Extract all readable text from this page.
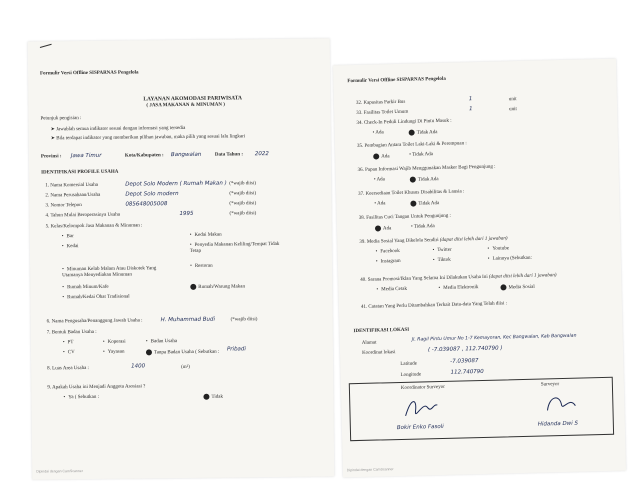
Formulir Versi Offline SISPARNAS Pengelola
LAYANAN AKOMODASI PARIWISATA
( JASA MAKANAN & MINUMAN )
Petunjuk pengisian :
➤ Jawablah semua indikator sesuai dengan informasi yang tersedia
➤ Bila terdapat indikator yang memberikan pilihan jawaban, maka pilih yang sesuai lalu lingkari
Provinsi : Jawa Timur	Kota/Kabupaten : Bangwalan	Data Tahun : 2022
IDENTIFIKASI PROFILE USAHA
1. Nama Komersial Usaha	Depot Solo Modern ( Rumah Makan ) (*wajib diisi)
2. Nama Perusahaan/Usaha	Depot Solo modern	(*wajib diisi)
3. Nomor Telepon	085648005008	(*wajib diisi)
4. Tahun Mulai Beroperasinya Usaha	1995	(*wajib diisi)
5. Kelas/Kelompok Jasa Makanan & Minuman :
• Bar
• Kedai
• Minuman Kelab Malam Atau Diskotek Yang Utamanya Menyediakan Minuman
• Rumah Minum/Kafe
• Rumah/Kedai Obat Tradisional
• Kedai Makan
• Penyedia Makanan Keliling/Tempat Tidak Tetap
• Restoran
Rumah/Warung Makan
6. Nama Pengusaha/Penanggung Jawab Usaha :	H. Muhammad Budi	(*wajib diisi)
7. Bentuk Badan Usaha :
• PT	• Koperasi	• Badan Usaha
• CV	• Yayasan	Tanpa Badan Usaha ( Sebutkan :
Pribadi
8. Luas Area Usaha :	1400	(m²)
9. Apakah Usaha ini Menjadi Anggota Asosiasi ?
• Ya ( Sebutkan :	Tidak
Dipindai dengan CamScanner
Formulir Versi Offline SISPARNAS Pengelola
32. Kapasitas Parkir Bus
1	unit
33. Fasilitas Toilet Umum
1	unit
34. Check-In Peduli Lindungi Di Pintu Masuk :
• Ada	Tidak Ada
35. Pembagian Antara Toilet Laki-Laki & Perempuan :
Ada	• Tidak Ada
36. Papan Informasi Wajib Menggunakan Masker Bagi Pengunjung :
• Ada	Tidak Ada
37. Keersediaan Toilet Khusus Disabilitas & Lansia :
• Ada	Tidak Ada
38. Fasilitas Cuci Tangan Untuk Pengunjung :
Ada	• Tidak Ada
39. Media Sosial Yang Dikelola Sendiri (dapat diisi lebih dari 1 jawaban)
• Facebook	• Twitter	• Youtube
• Instagram	• Tiktok	• Lainnya (Sebutkan:
40. Sarana Promosi/Iklan Yang Selama Ini Dilakukan Usaha Ini (dapat diisi lebih dari 1 jawaban)
• Media Cetak	• Media Elektronik	Media Sosial
41. Catatan Yang Perlu Ditambahkan Terkait Data-data Yang Telah diisi :
IDENTIFIKASI LOKASI
Alamat
Jl. Ragil Pintu Umur No 1-7 Kemayoran, Kec Bangwalan, Kab Bangwalan
Koordinat lokasi	( -7.039087 , 112.740790 )
Latitude	-7.039087
Longitude	112.740790
Koordinator Surveyor
Surveyor
Bokir Enko Fasoli	Hidanda Dwi S
Dipindai dengan CamScanner
